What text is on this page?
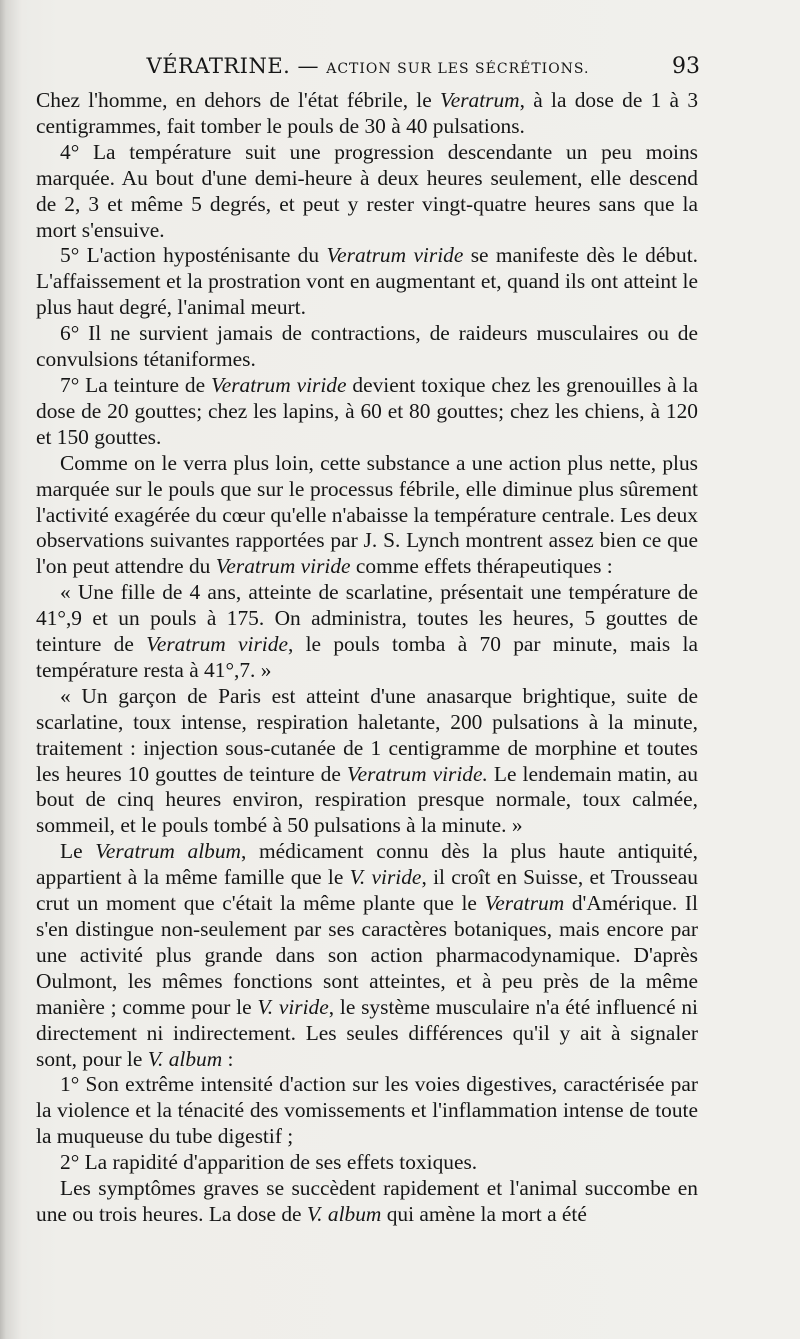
VÉRATRINE. — ACTION SUR LES SÉCRÉTIONS.	93

Chez l'homme, en dehors de l'état fébrile, le Veratrum, à la dose de 1 à 3 centigrammes, fait tomber le pouls de 30 à 40 pulsations.

4° La température suit une progression descendante un peu moins marquée. Au bout d'une demi-heure à deux heures seulement, elle descend de 2, 3 et même 5 degrés, et peut y rester vingt-quatre heures sans que la mort s'ensuive.

5° L'action hyposténisante du Veratrum viride se manifeste dès le début. L'affaissement et la prostration vont en augmentant et, quand ils ont atteint le plus haut degré, l'animal meurt.

6° Il ne survient jamais de contractions, de raideurs musculaires ou de convulsions tétaniformes.

7° La teinture de Veratrum viride devient toxique chez les grenouilles à la dose de 20 gouttes; chez les lapins, à 60 et 80 gouttes; chez les chiens, à 120 et 150 gouttes.

Comme on le verra plus loin, cette substance a une action plus nette, plus marquée sur le pouls que sur le processus fébrile, elle diminue plus sûrement l'activité exagérée du cœur qu'elle n'abaisse la température centrale. Les deux observations suivantes rapportées par J. S. Lynch montrent assez bien ce que l'on peut attendre du Veratrum viride comme effets thérapeutiques :

« Une fille de 4 ans, atteinte de scarlatine, présentait une température de 41°,9 et un pouls à 175. On administra, toutes les heures, 5 gouttes de teinture de Veratrum viride, le pouls tomba à 70 par minute, mais la température resta à 41°,7. »

« Un garçon de Paris est atteint d'une anasarque brightique, suite de scarlatine, toux intense, respiration haletante, 200 pulsations à la minute, traitement : injection sous-cutanée de 1 centigramme de morphine et toutes les heures 10 gouttes de teinture de Veratrum viride. Le lendemain matin, au bout de cinq heures environ, respiration presque normale, toux calmée, sommeil, et le pouls tombé à 50 pulsations à la minute. »

Le Veratrum album, médicament connu dès la plus haute antiquité, appartient à la même famille que le V. viride, il croît en Suisse, et Trousseau crut un moment que c'était la même plante que le Veratrum d'Amérique. Il s'en distingue non-seulement par ses caractères botaniques, mais encore par une activité plus grande dans son action pharmacodynamique. D'après Oulmont, les mêmes fonctions sont atteintes, et à peu près de la même manière ; comme pour le V. viride, le système musculaire n'a été influencé ni directement ni indirectement. Les seules différences qu'il y ait à signaler sont, pour le V. album :

1° Son extrême intensité d'action sur les voies digestives, caractérisée par la violence et la ténacité des vomissements et l'inflammation intense de toute la muqueuse du tube digestif ;

2° La rapidité d'apparition de ses effets toxiques.

Les symptômes graves se succèdent rapidement et l'animal succombe en une ou trois heures. La dose de V. album qui amène la mort a été
